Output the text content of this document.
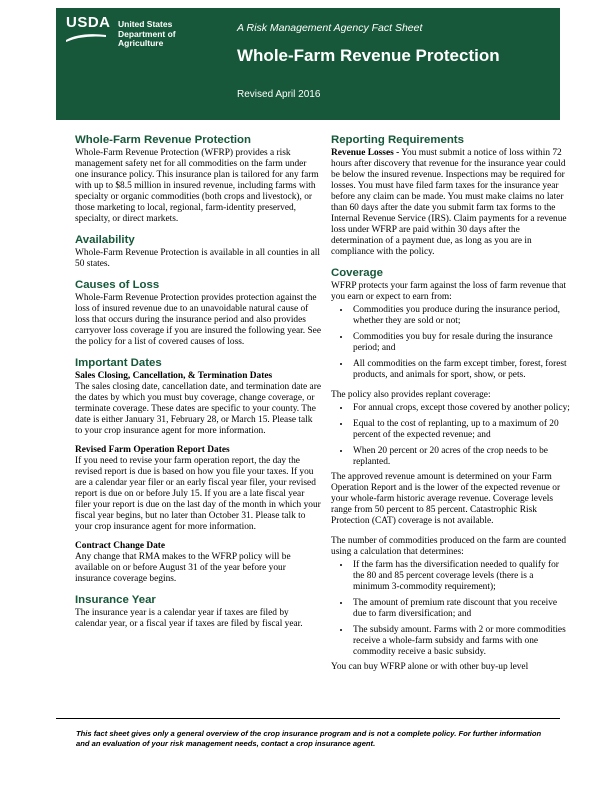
USDA United States
Department of
Agriculture
A Risk Management Agency Fact Sheet
Whole-Farm Revenue Protection
Revised April 2016
Whole-Farm Revenue Protection

Whole-Farm Revenue Protection (WFRP) provides a risk management safety net for all commodities on the farm under one insurance policy. This insurance plan is tailored for any farm with up to $8.5 million in insured revenue, including farms with specialty or organic commodities (both crops and livestock), or those marketing to local, regional, farm-identity preserved, specialty, or direct markets.

Availability

Whole-Farm Revenue Protection is available in all counties in all 50 states.

Causes of Loss

Whole-Farm Revenue Protection provides protection against the loss of insured revenue due to an unavoidable natural cause of loss that occurs during the insurance period and also provides carryover loss coverage if you are insured the following year. See the policy for a list of covered causes of loss.

Important Dates
Sales Closing, Cancellation, & Termination Dates

The sales closing date, cancellation date, and termination date are the dates by which you must buy coverage, change coverage, or terminate coverage. These dates are specific to your county. The date is either January 31, February 28, or March 15. Please talk to your crop insurance agent for more information.

Revised Farm Operation Report Dates

If you need to revise your farm operation report, the day the revised report is due is based on how you file your taxes. If you are a calendar year filer or an early fiscal year filer, your revised report is due on or before July 15. If you are a late fiscal year filer your report is due on the last day of the month in which your fiscal year begins, but no later than October 31. Please talk to your crop insurance agent for more information.

Contract Change Date

Any change that RMA makes to the WFRP policy will be available on or before August 31 of the year before your insurance coverage begins.

Insurance Year

The insurance year is a calendar year if taxes are filed by calendar year, or a fiscal year if taxes are filed by fiscal year.

Reporting Requirements

Revenue Losses - You must submit a notice of loss within 72 hours after discovery that revenue for the insurance year could be below the insured revenue. Inspections may be required for losses. You must have filed farm taxes for the insurance year before any claim can be made. You must make claims no later than 60 days after the date you submit farm tax forms to the Internal Revenue Service (IRS). Claim payments for a revenue loss under WFRP are paid within 30 days after the determination of a payment due, as long as you are in compliance with the policy.

Coverage

WFRP protects your farm against the loss of farm revenue that you earn or expect to earn from:

• Commodities you produce during the insurance period, whether they are sold or not;
• Commodities you buy for resale during the insurance period; and
• All commodities on the farm except timber, forest, forest products, and animals for sport, show, or pets.

The policy also provides replant coverage:

• For annual crops, except those covered by another policy;
• Equal to the cost of replanting, up to a maximum of 20 percent of the expected revenue; and
• When 20 percent or 20 acres of the crop needs to be replanted.

The approved revenue amount is determined on your Farm Operation Report and is the lower of the expected revenue or your whole-farm historic average revenue. Coverage levels range from 50 percent to 85 percent. Catastrophic Risk Protection (CAT) coverage is not available.

The number of commodities produced on the farm are counted using a calculation that determines:

• If the farm has the diversification needed to qualify for the 80 and 85 percent coverage levels (there is a minimum 3-commodity requirement);
• The amount of premium rate discount that you receive due to farm diversification; and
• The subsidy amount. Farms with 2 or more commodities receive a whole-farm subsidy and farms with one commodity receive a basic subsidy.

You can buy WFRP alone or with other buy-up level

This fact sheet gives only a general overview of the crop insurance program and is not a complete policy. For further information and an evaluation of your risk management needs, contact a crop insurance agent.
